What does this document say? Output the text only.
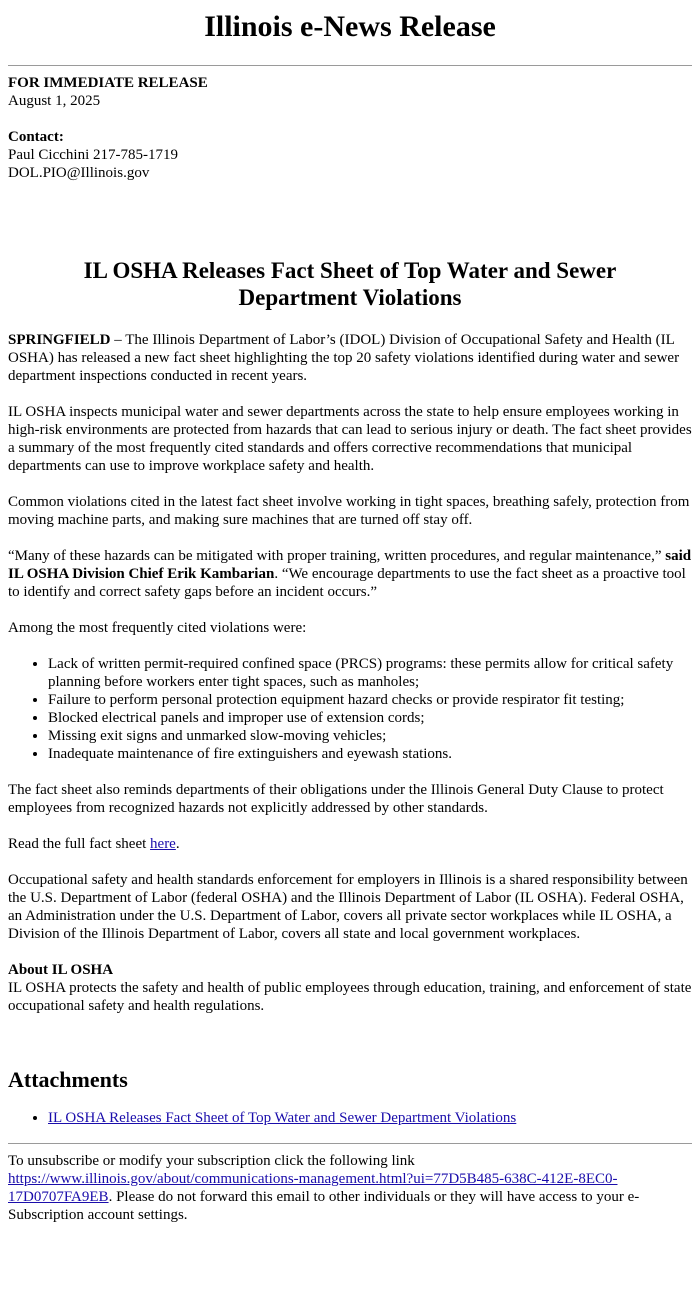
Illinois e-News Release
FOR IMMEDIATE RELEASE
August 1, 2025
Contact:
Paul Cicchini 217-785-1719
DOL.PIO@Illinois.gov
IL OSHA Releases Fact Sheet of Top Water and Sewer Department Violations

SPRINGFIELD – The Illinois Department of Labor’s (IDOL) Division of Occupational Safety and Health (IL OSHA) has released a new fact sheet highlighting the top 20 safety violations identified during water and sewer department inspections conducted in recent years.

IL OSHA inspects municipal water and sewer departments across the state to help ensure employees working in high-risk environments are protected from hazards that can lead to serious injury or death. The fact sheet provides a summary of the most frequently cited standards and offers corrective recommendations that municipal departments can use to improve workplace safety and health.

Common violations cited in the latest fact sheet involve working in tight spaces, breathing safely, protection from moving machine parts, and making sure machines that are turned off stay off.

“Many of these hazards can be mitigated with proper training, written procedures, and regular maintenance,” said IL OSHA Division Chief Erik Kambarian. “We encourage departments to use the fact sheet as a proactive tool to identify and correct safety gaps before an incident occurs.”

Among the most frequently cited violations were:

• Lack of written permit-required confined space (PRCS) programs: these permits allow for critical safety planning before workers enter tight spaces, such as manholes;
• Failure to perform personal protection equipment hazard checks or provide respirator fit testing;
• Blocked electrical panels and improper use of extension cords;
• Missing exit signs and unmarked slow-moving vehicles;
• Inadequate maintenance of fire extinguishers and eyewash stations.

The fact sheet also reminds departments of their obligations under the Illinois General Duty Clause to protect employees from recognized hazards not explicitly addressed by other standards.

Read the full fact sheet here.

Occupational safety and health standards enforcement for employers in Illinois is a shared responsibility between the U.S. Department of Labor (federal OSHA) and the Illinois Department of Labor (IL OSHA). Federal OSHA, an Administration under the U.S. Department of Labor, covers all private sector workplaces while IL OSHA, a Division of the Illinois Department of Labor, covers all state and local government workplaces.

About IL OSHA
IL OSHA protects the safety and health of public employees through education, training, and enforcement of state occupational safety and health regulations.
Attachments
• IL OSHA Releases Fact Sheet of Top Water and Sewer Department Violations
To unsubscribe or modify your subscription click the following link https://www.illinois.gov/about/communications-management.html?ui=77D5B485-638C-412E-8EC0-17D0707FA9EB. Please do not forward this email to other individuals or they will have access to your e-Subscription account settings.
